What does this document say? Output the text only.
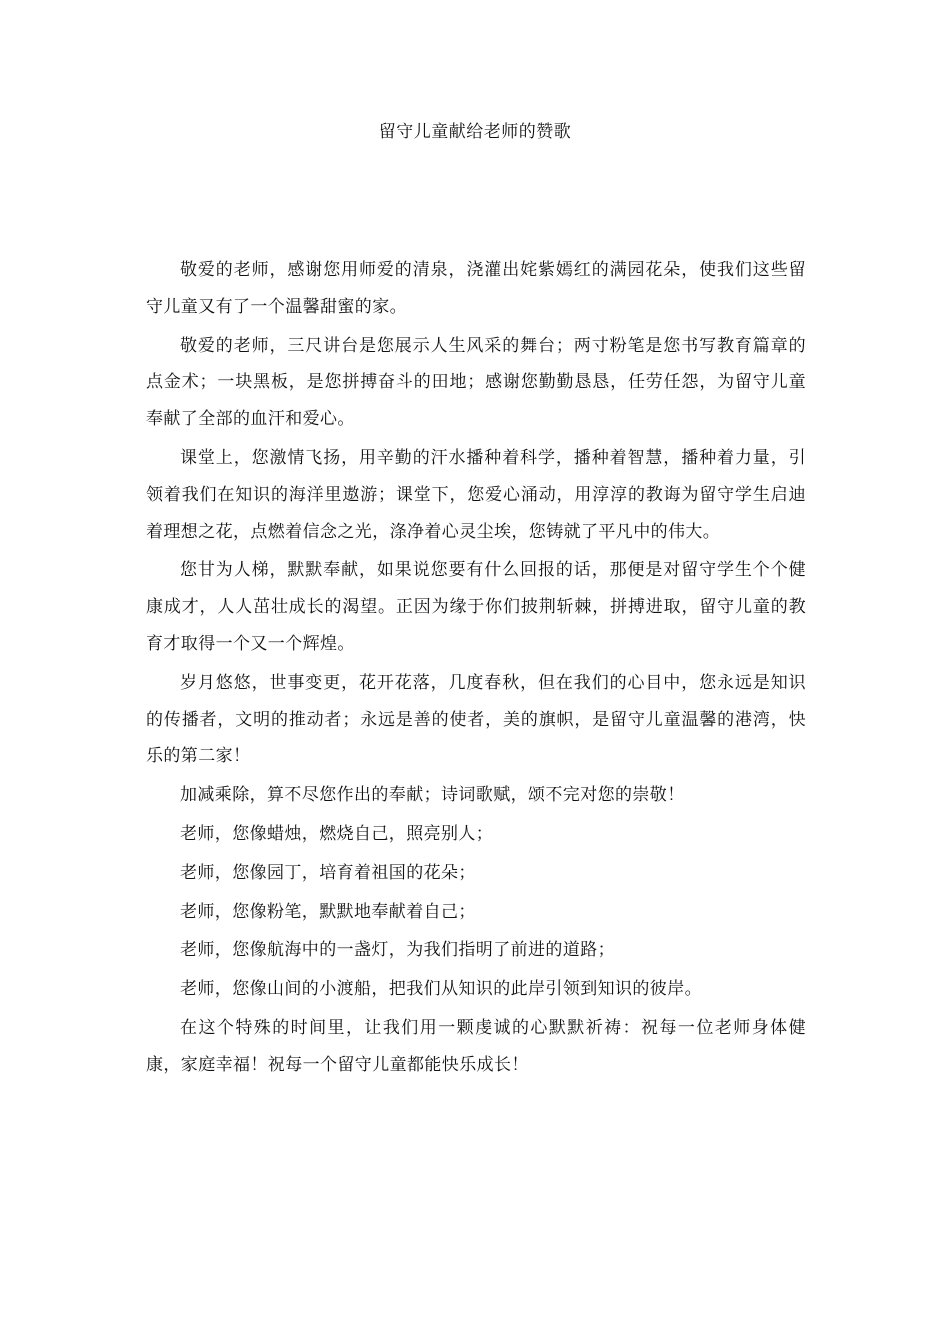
留守儿童献给老师的赞歌

敬爱的老师，感谢您用师爱的清泉，浇灌出姹紫嫣红的满园花朵，使我们这些留守儿童又有了一个温馨甜蜜的家。

敬爱的老师，三尺讲台是您展示人生风采的舞台；两寸粉笔是您书写教育篇章的点金术；一块黑板，是您拼搏奋斗的田地；感谢您勤勤恳恳，任劳任怨，为留守儿童奉献了全部的血汗和爱心。

课堂上，您激情飞扬，用辛勤的汗水播种着科学，播种着智慧，播种着力量，引领着我们在知识的海洋里遨游；课堂下，您爱心涌动，用淳淳的教诲为留守学生启迪着理想之花，点燃着信念之光，涤净着心灵尘埃，您铸就了平凡中的伟大。

您甘为人梯，默默奉献，如果说您要有什么回报的话，那便是对留守学生个个健康成才，人人茁壮成长的渴望。正因为缘于你们披荆斩棘，拼搏进取，留守儿童的教育才取得一个又一个辉煌。

岁月悠悠，世事变更，花开花落，几度春秋，但在我们的心目中，您永远是知识的传播者，文明的推动者；永远是善的使者，美的旗帜，是留守儿童温馨的港湾，快乐的第二家！

加减乘除，算不尽您作出的奉献；诗词歌赋，颂不完对您的崇敬！

老师，您像蜡烛，燃烧自己，照亮别人；

老师，您像园丁，培育着祖国的花朵；

老师，您像粉笔，默默地奉献着自己；

老师，您像航海中的一盏灯，为我们指明了前进的道路；

老师，您像山间的小渡船，把我们从知识的此岸引领到知识的彼岸。

在这个特殊的时间里，让我们用一颗虔诚的心默默祈祷：祝每一位老师身体健康，家庭幸福！祝每一个留守儿童都能快乐成长！
